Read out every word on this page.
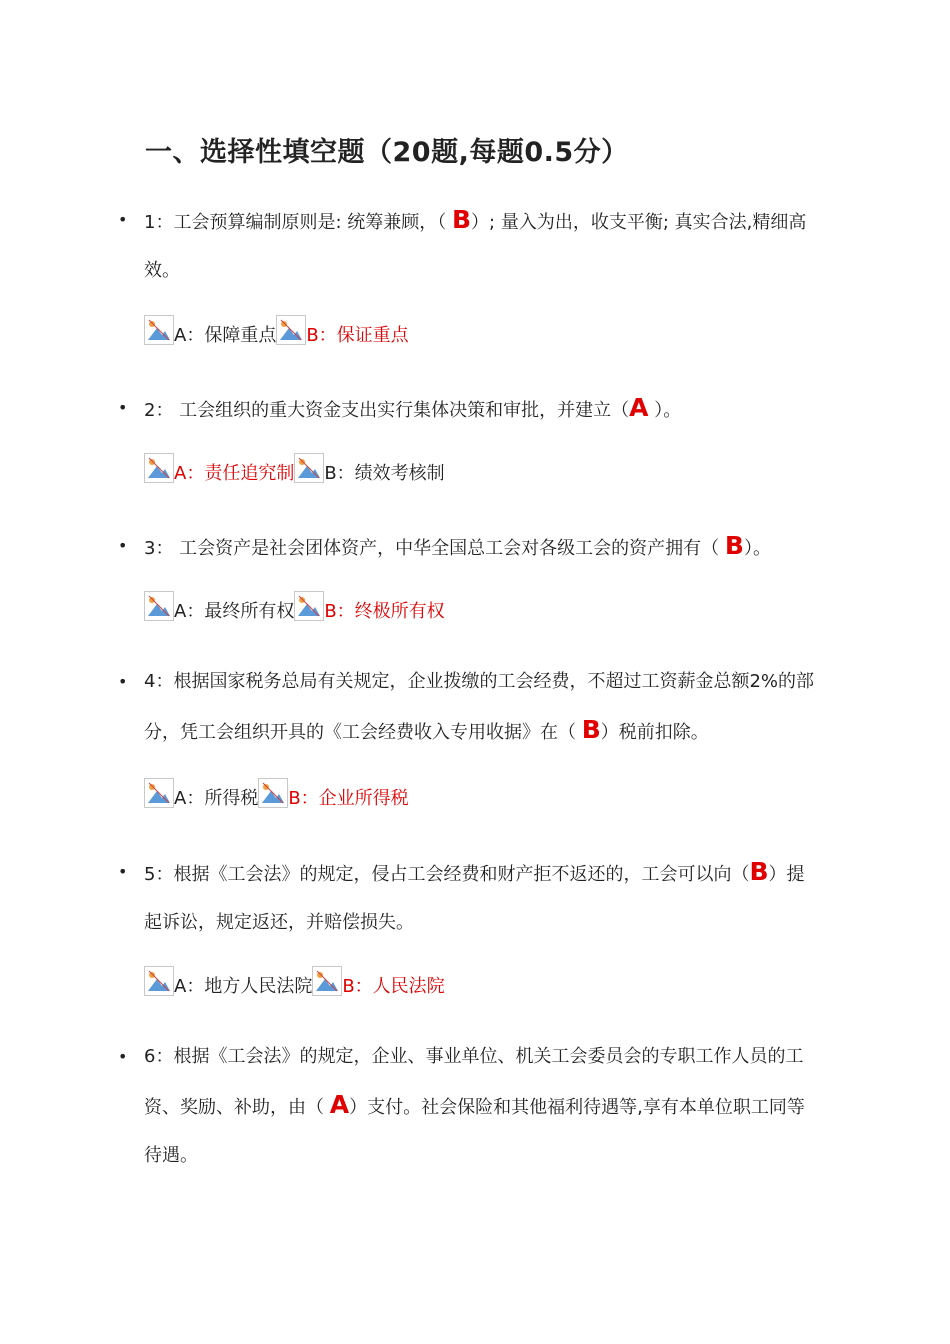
一、选择性填空题（20题,每题0.5分）
• 1：工会预算编制原则是: 统筹兼顾，（ B）; 量入为出，收支平衡; 真实合法,精细高效。
A：保障重点 B：保证重点
• 2： 工会组织的重大资金支出实行集体决策和审批，并建立（A ）。
A：责任追究制 B：绩效考核制
• 3： 工会资产是社会团体资产，中华全国总工会对各级工会的资产拥有（ B）。
A：最终所有权 B：终极所有权
• 4：根据国家税务总局有关规定，企业拨缴的工会经费，不超过工资薪金总额2%的部分，凭工会组织开具的《工会经费收入专用收据》在（ B）税前扣除。
A：所得税 B：企业所得税
• 5：根据《工会法》的规定，侵占工会经费和财产拒不返还的，工会可以向（B）提起诉讼，规定返还，并赔偿损失。
A：地方人民法院 B：人民法院
• 6：根据《工会法》的规定，企业、事业单位、机关工会委员会的专职工作人员的工资、奖励、补助，由（ A）支付。社会保险和其他福利待遇等,享有本单位职工同等待遇。
